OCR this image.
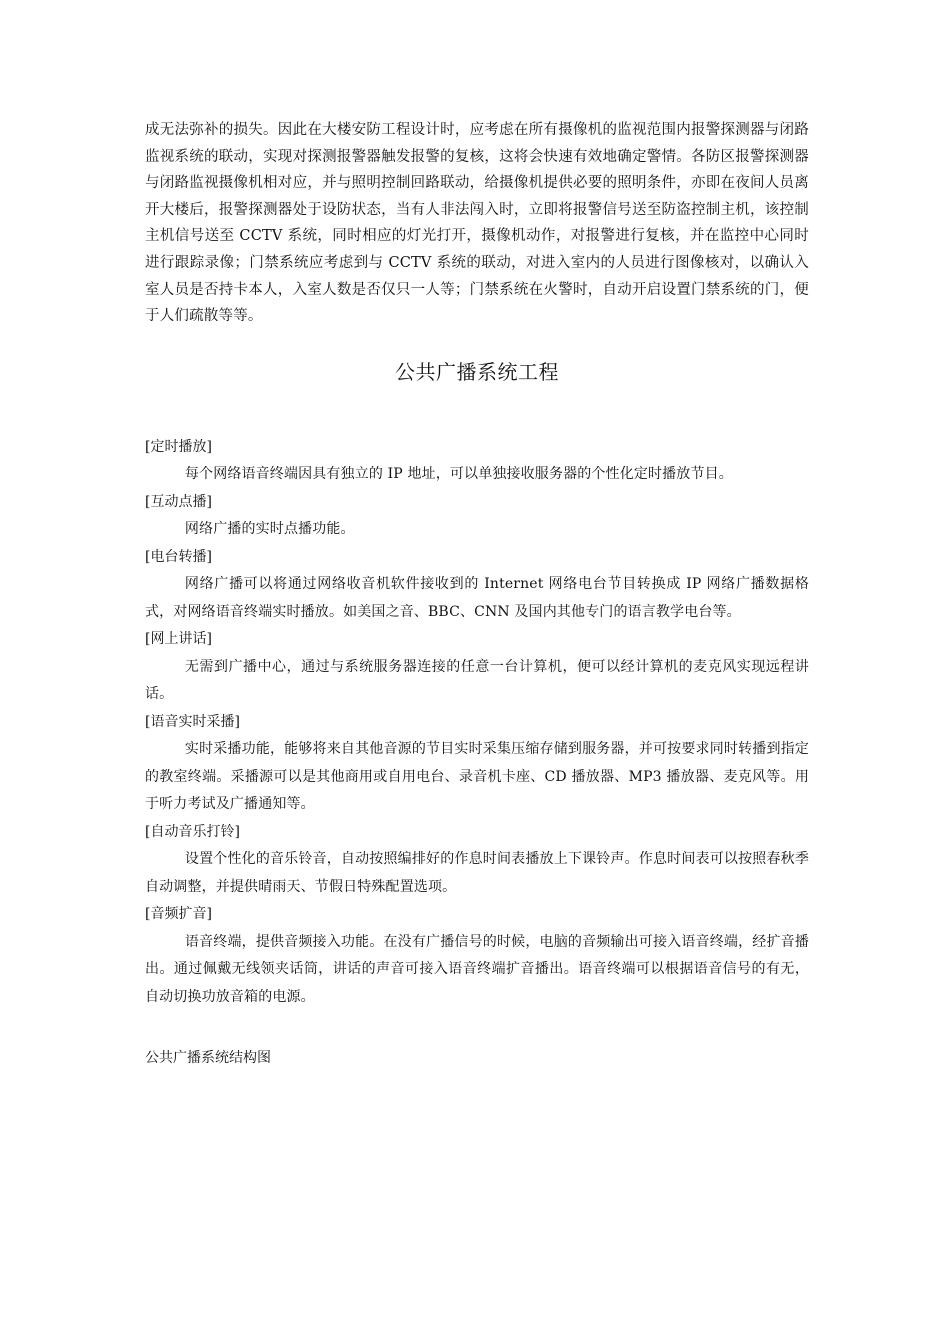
成无法弥补的损失。因此在大楼安防工程设计时，应考虑在所有摄像机的监视范围内报警探测器与闭路监视系统的联动，实现对探测报警器触发报警的复核，这将会快速有效地确定警情。各防区报警探测器与闭路监视摄像机相对应，并与照明控制回路联动，给摄像机提供必要的照明条件，亦即在夜间人员离开大楼后，报警探测器处于设防状态，当有人非法闯入时，立即将报警信号送至防盗控制主机，该控制主机信号送至 CCTV 系统，同时相应的灯光打开，摄像机动作，对报警进行复核，并在监控中心同时进行跟踪录像；门禁系统应考虑到与 CCTV 系统的联动，对进入室内的人员进行图像核对，以确认入室人员是否持卡本人，入室人数是否仅只一人等；门禁系统在火警时，自动开启设置门禁系统的门，便于人们疏散等等。

公共广播系统工程

[定时播放]

每个网络语音终端因具有独立的 IP 地址，可以单独接收服务器的个性化定时播放节目。

[互动点播]

网络广播的实时点播功能。

[电台转播]

网络广播可以将通过网络收音机软件接收到的 Internet 网络电台节目转换成 IP 网络广播数据格式，对网络语音终端实时播放。如美国之音、BBC、CNN 及国内其他专门的语言教学电台等。

[网上讲话]

无需到广播中心，通过与系统服务器连接的任意一台计算机，便可以经计算机的麦克风实现远程讲话。

[语音实时采播]

实时采播功能，能够将来自其他音源的节目实时采集压缩存储到服务器，并可按要求同时转播到指定的教室终端。采播源可以是其他商用或自用电台、录音机卡座、CD 播放器、MP3 播放器、麦克风等。用于听力考试及广播通知等。

[自动音乐打铃]

设置个性化的音乐铃音，自动按照编排好的作息时间表播放上下课铃声。作息时间表可以按照春秋季自动调整，并提供晴雨天、节假日特殊配置选项。

[音频扩音]

语音终端，提供音频接入功能。在没有广播信号的时候，电脑的音频输出可接入语音终端，经扩音播出。通过佩戴无线领夹话筒，讲话的声音可接入语音终端扩音播出。语音终端可以根据语音信号的有无，自动切换功放音箱的电源。

公共广播系统结构图
